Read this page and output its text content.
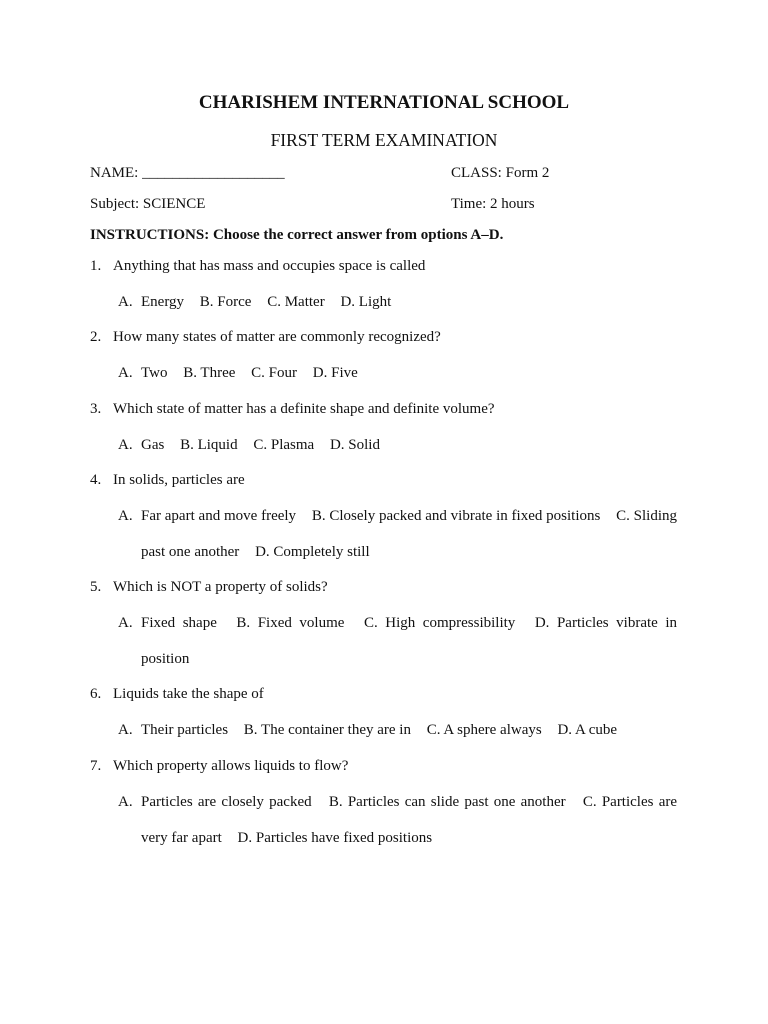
CHARISHEM INTERNATIONAL SCHOOL
FIRST TERM EXAMINATION
NAME: ___________________	CLASS: Form 2
Subject: SCIENCE	Time: 2 hours
INSTRUCTIONS: Choose the correct answer from options A–D.
1. Anything that has mass and occupies space is called
A. Energy B. Force C. Matter D. Light
2. How many states of matter are commonly recognized?
A. Two B. Three C. Four D. Five
3. Which state of matter has a definite shape and definite volume?
A. Gas B. Liquid C. Plasma D. Solid
4. In solids, particles are
A. Far apart and move freely B. Closely packed and vibrate in fixed positions C. Sliding past one another D. Completely still
5. Which is NOT a property of solids?
A. Fixed shape B. Fixed volume C. High compressibility D. Particles vibrate in position
6. Liquids take the shape of
A. Their particles B. The container they are in C. A sphere always D. A cube
7. Which property allows liquids to flow?
A. Particles are closely packed B. Particles can slide past one another C. Particles are very far apart D. Particles have fixed positions
